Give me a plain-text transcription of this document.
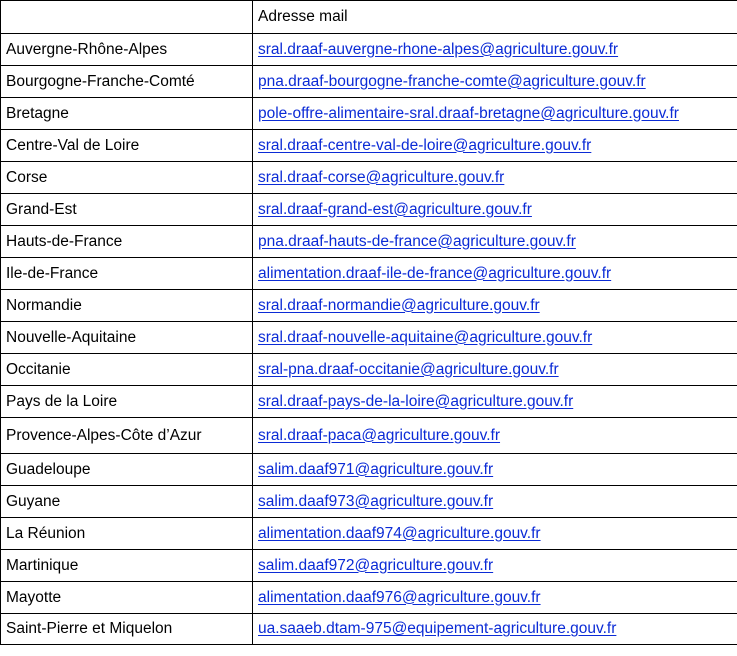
	Adresse mail
Auvergne-Rhône-Alpes	sral.draaf-auvergne-rhone-alpes@agriculture.gouv.fr
Bourgogne-Franche-Comté	pna.draaf-bourgogne-franche-comte@agriculture.gouv.fr
Bretagne	pole-offre-alimentaire-sral.draaf-bretagne@agriculture.gouv.fr
Centre-Val de Loire	sral.draaf-centre-val-de-loire@agriculture.gouv.fr
Corse	sral.draaf-corse@agriculture.gouv.fr
Grand-Est	sral.draaf-grand-est@agriculture.gouv.fr
Hauts-de-France	pna.draaf-hauts-de-france@agriculture.gouv.fr
Ile-de-France	alimentation.draaf-ile-de-france@agriculture.gouv.fr
Normandie	sral.draaf-normandie@agriculture.gouv.fr
Nouvelle-Aquitaine	sral.draaf-nouvelle-aquitaine@agriculture.gouv.fr
Occitanie	sral-pna.draaf-occitanie@agriculture.gouv.fr
Pays de la Loire	sral.draaf-pays-de-la-loire@agriculture.gouv.fr
Provence-Alpes-Côte d’Azur	sral.draaf-paca@agriculture.gouv.fr
Guadeloupe	salim.daaf971@agriculture.gouv.fr
Guyane	salim.daaf973@agriculture.gouv.fr
La Réunion	alimentation.daaf974@agriculture.gouv.fr
Martinique	salim.daaf972@agriculture.gouv.fr
Mayotte	alimentation.daaf976@agriculture.gouv.fr
Saint-Pierre et Miquelon	ua.saaeb.dtam-975@equipement-agriculture.gouv.fr
